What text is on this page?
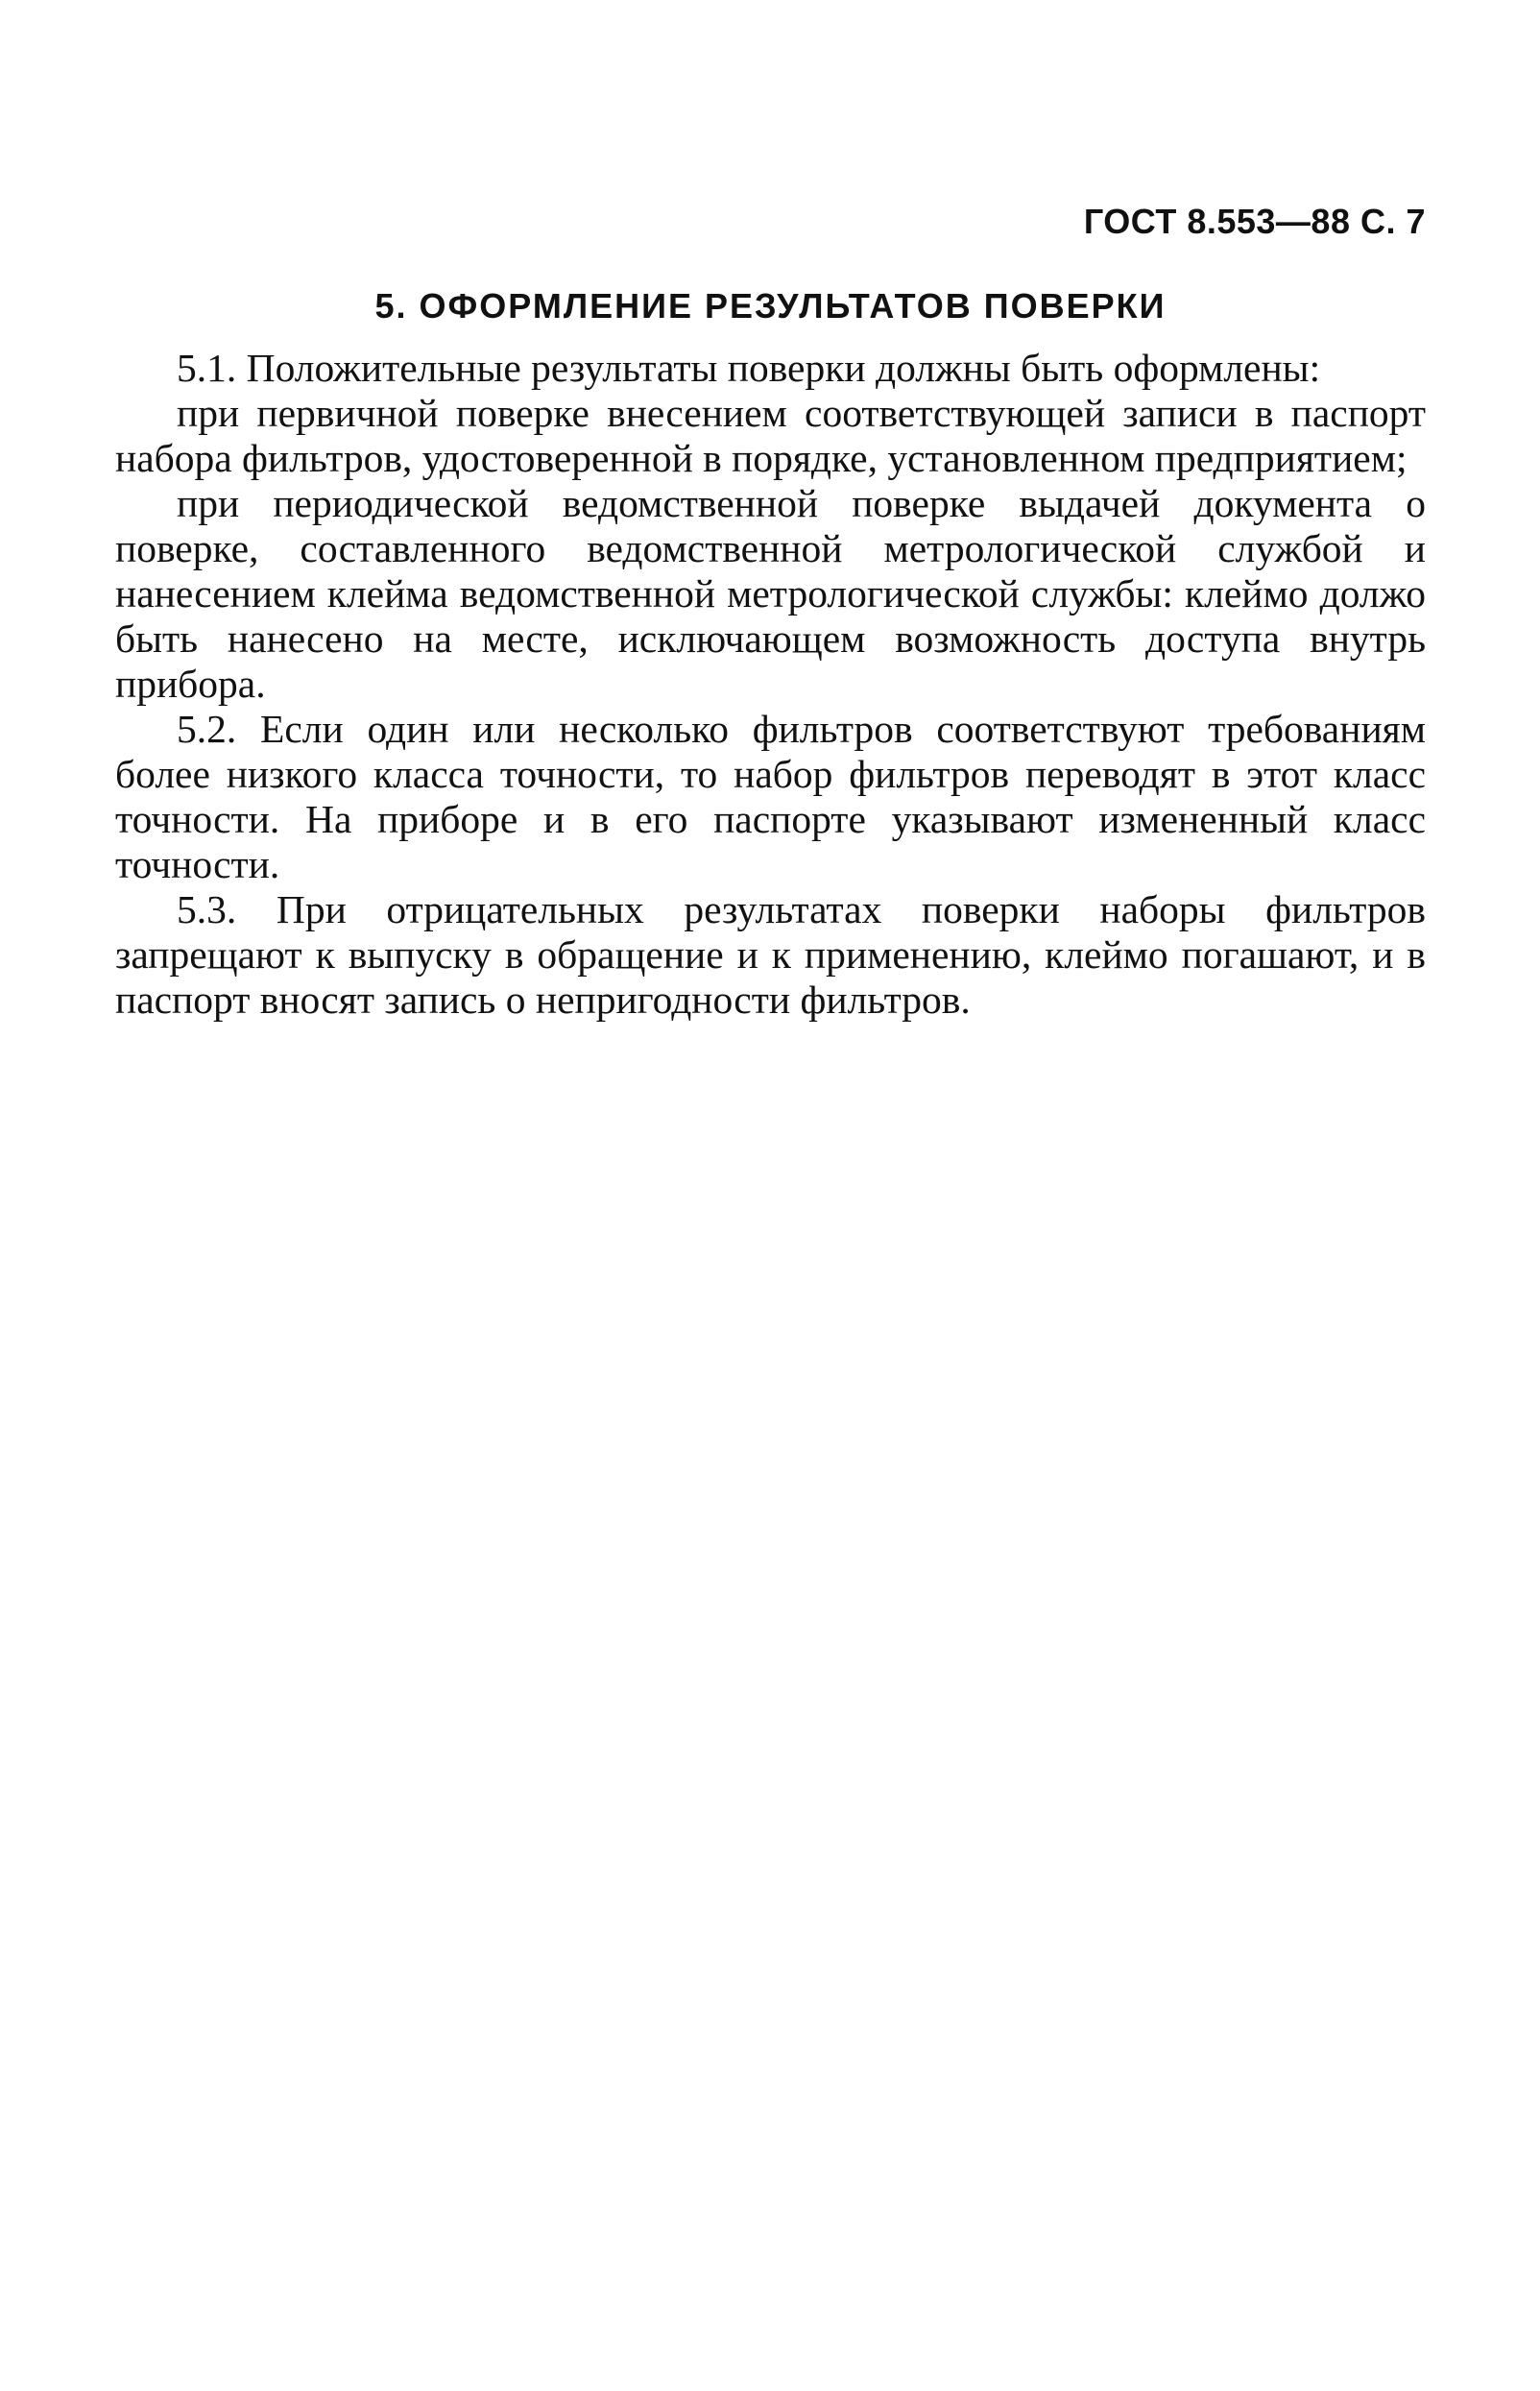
ГОСТ 8.553—88 С. 7
5. ОФОРМЛЕНИЕ РЕЗУЛЬТАТОВ ПОВЕРКИ

5.1. Положительные результаты поверки должны быть оформлены:

при первичной поверке внесением соответствующей записи в паспорт набора фильтров, удостоверенной в порядке, установленном предприятием;

при периодической ведомственной поверке выдачей документа о поверке, составленного ведомственной метрологической службой и нанесением клейма ведомственной метрологической службы: клеймо должо быть нанесено на месте, исключающем возможность доступа внутрь прибора.

5.2. Если один или несколько фильтров соответствуют требованиям более низкого класса точности, то набор фильтров переводят в этот класс точности. На приборе и в его паспорте указывают измененный класс точности.

5.3. При отрицательных результатах поверки наборы фильтров запрещают к выпуску в обращение и к применению, клеймо погашают, и в паспорт вносят запись о непригодности фильтров.
